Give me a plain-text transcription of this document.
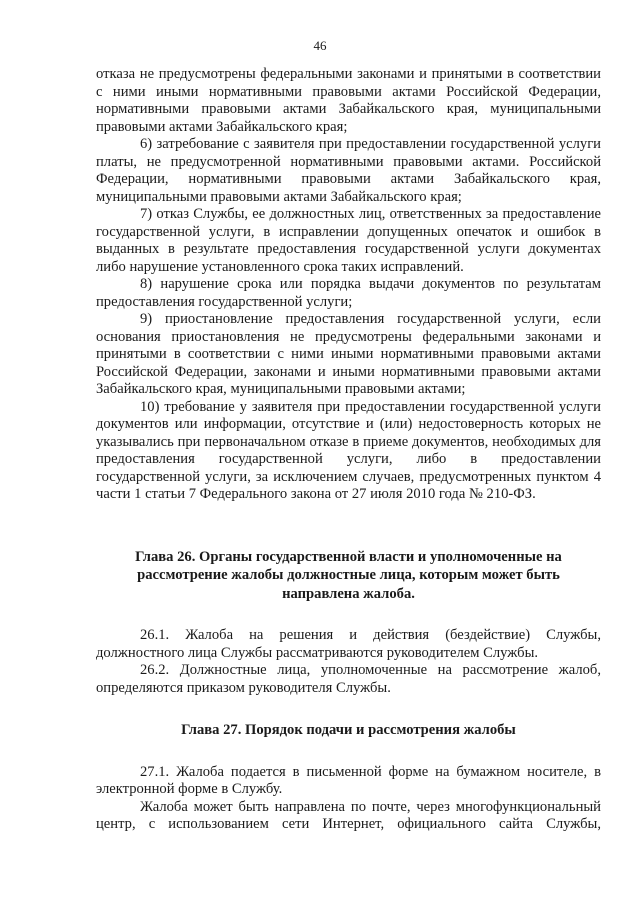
46

отказа не предусмотрены федеральными законами и принятыми в соответствии с ними иными нормативными правовыми актами Российской Федерации, нормативными правовыми актами Забайкальского края, муниципальными правовыми актами Забайкальского края;

6) затребование с заявителя при предоставлении государственной услуги платы, не предусмотренной нормативными правовыми актами. Российской Федерации, нормативными правовыми актами Забайкальского края, муниципальными правовыми актами Забайкальского края;

7) отказ Службы, ее должностных лиц, ответственных за предоставление государственной услуги, в исправлении допущенных опечаток и ошибок в выданных в результате предоставления государственной услуги документах либо нарушение установленного срока таких исправлений.

8) нарушение срока или порядка выдачи документов по результатам предоставления государственной услуги;

9) приостановление предоставления государственной услуги, если основания приостановления не предусмотрены федеральными законами и принятыми в соответствии с ними иными нормативными правовыми актами Российской Федерации, законами и иными нормативными правовыми актами Забайкальского края, муниципальными правовыми актами;

10) требование у заявителя при предоставлении государственной услуги документов или информации, отсутствие и (или) недостоверность которых не указывались при первоначальном отказе в приеме документов, необходимых для предоставления государственной услуги, либо в предоставлении государственной услуги, за исключением случаев, предусмотренных пунктом 4 части 1 статьи 7 Федерального закона от 27 июля 2010 года № 210-ФЗ.

Глава 26. Органы государственной власти и уполномоченные на
рассмотрение жалобы должностные лица, которым может быть
направлена жалоба.

26.1. Жалоба на решения и действия (бездействие) Службы, должностного лица Службы рассматриваются руководителем Службы.

26.2. Должностные лица, уполномоченные на рассмотрение жалоб, определяются приказом руководителя Службы.

Глава 27. Порядок подачи и рассмотрения жалобы

27.1. Жалоба подается в письменной форме на бумажном носителе, в электронной форме в Службу.

Жалоба может быть направлена по почте, через многофункциональный центр, с использованием сети Интернет, официального сайта Службы,
